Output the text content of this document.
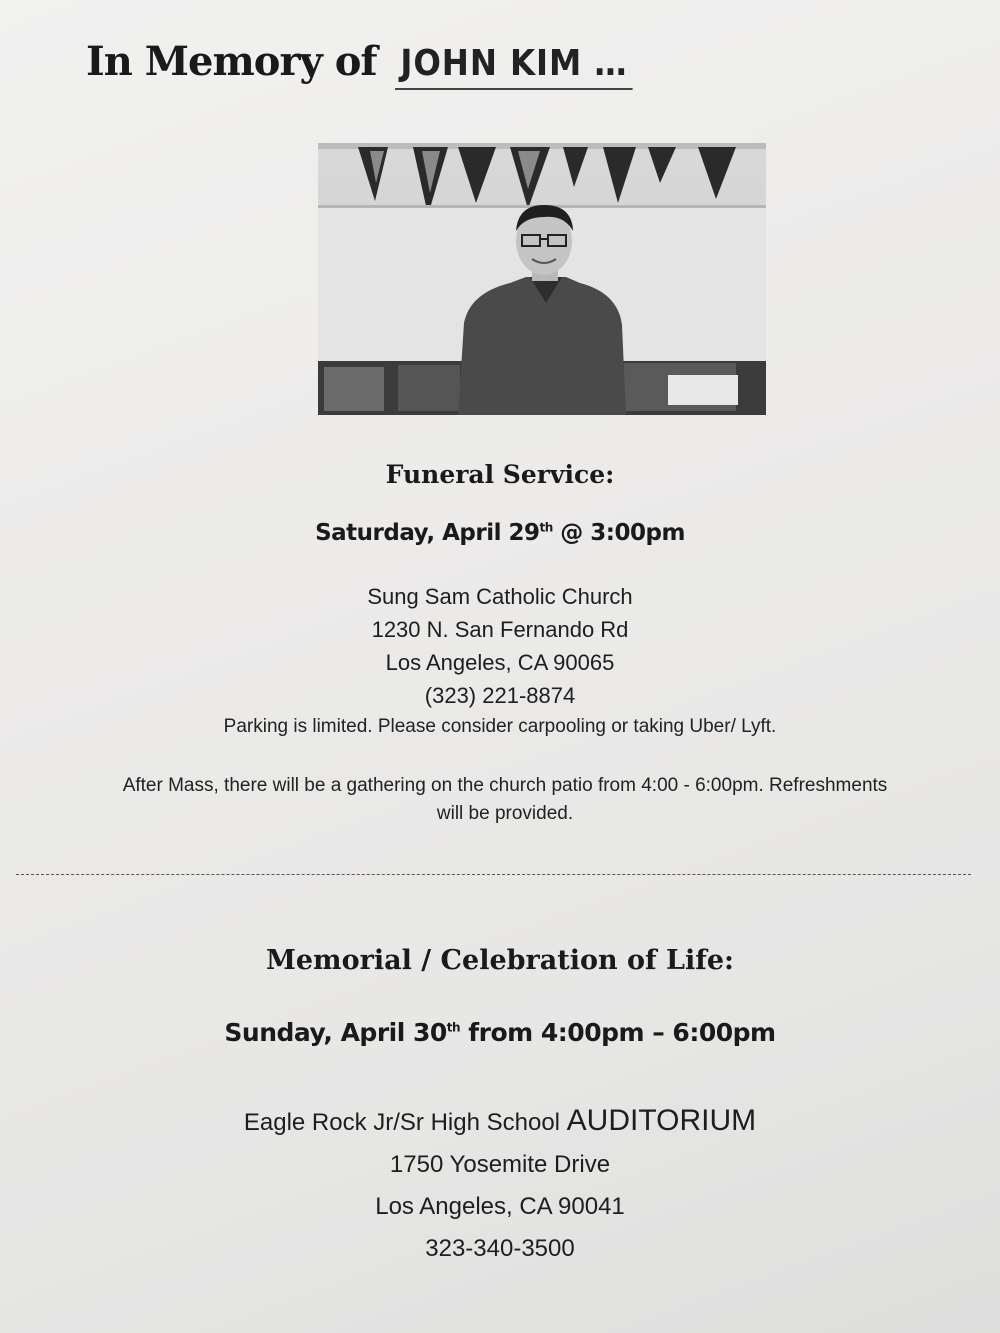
In Memory of JOHN KIM …
Funeral Service:
Saturday, April 29th @ 3:00pm
Sung Sam Catholic Church
1230 N. San Fernando Rd
Los Angeles, CA 90065
(323) 221-8874
Parking is limited. Please consider carpooling or taking Uber/ Lyft.
After Mass, there will be a gathering on the church patio from 4:00 - 6:00pm. Refreshments
will be provided.
Memorial / Celebration of Life:
Sunday, April 30th from 4:00pm – 6:00pm
Eagle Rock Jr/Sr High School AUDITORIUM
1750 Yosemite Drive
Los Angeles, CA 90041
323-340-3500
